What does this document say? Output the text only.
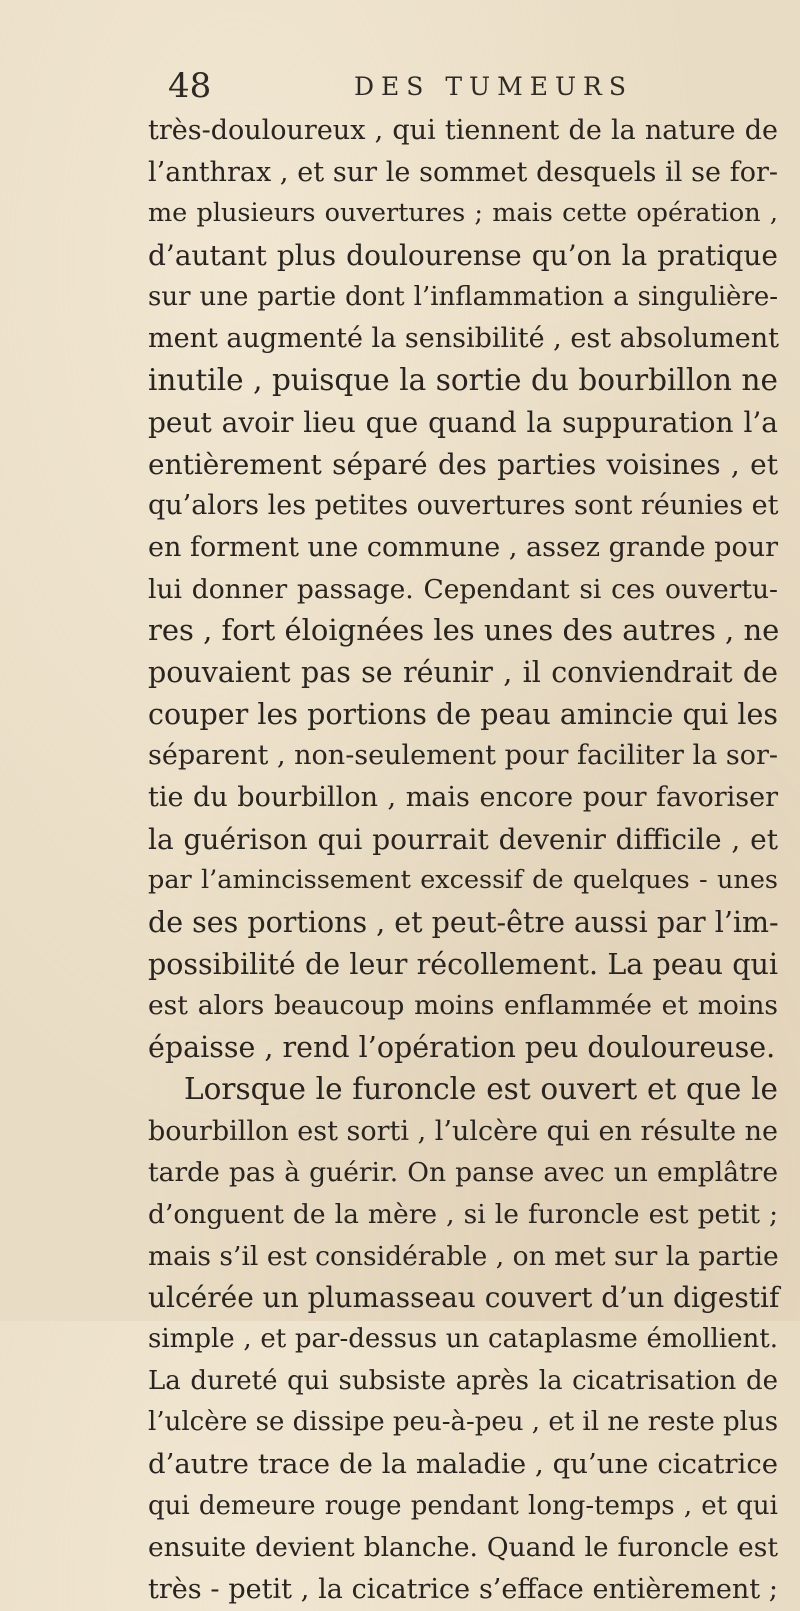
48	DES TUMEURS
très-douloureux , qui tiennent de la nature de
l’anthrax , et sur le sommet desquels il se for-
me plusieurs ouvertures ; mais cette opération ,
d’autant plus doulourense qu’on la pratique
sur une partie dont l’inflammation a singulière-
ment augmenté la sensibilité , est absolument
inutile , puisque la sortie du bourbillon ne
peut avoir lieu que quand la suppuration l’a
entièrement séparé des parties voisines , et
qu’alors les petites ouvertures sont réunies et
en forment une commune , assez grande pour
lui donner passage. Cependant si ces ouvertu-
res , fort éloignées les unes des autres , ne
pouvaient pas se réunir , il conviendrait de
couper les portions de peau amincie qui les
séparent , non-seulement pour faciliter la sor-
tie du bourbillon , mais encore pour favoriser
la guérison qui pourrait devenir difficile , et
par l’amincissement excessif de quelques - unes
de ses portions , et peut-être aussi par l’im-
possibilité de leur récollement. La peau qui
est alors beaucoup moins enflammée et moins
épaisse , rend l’opération peu douloureuse.
Lorsque le furoncle est ouvert et que le
bourbillon est sorti , l’ulcère qui en résulte ne
tarde pas à guérir. On panse avec un emplâtre
d’onguent de la mère , si le furoncle est petit ;
mais s’il est considérable , on met sur la partie
ulcérée un plumasseau couvert d’un digestif
simple , et par-dessus un cataplasme émollient.
La dureté qui subsiste après la cicatrisation de
l’ulcère se dissipe peu-à-peu , et il ne reste plus
d’autre trace de la maladie , qu’une cicatrice
qui demeure rouge pendant long-temps , et qui
ensuite devient blanche. Quand le furoncle est
très - petit , la cicatrice s’efface entièrement ;
